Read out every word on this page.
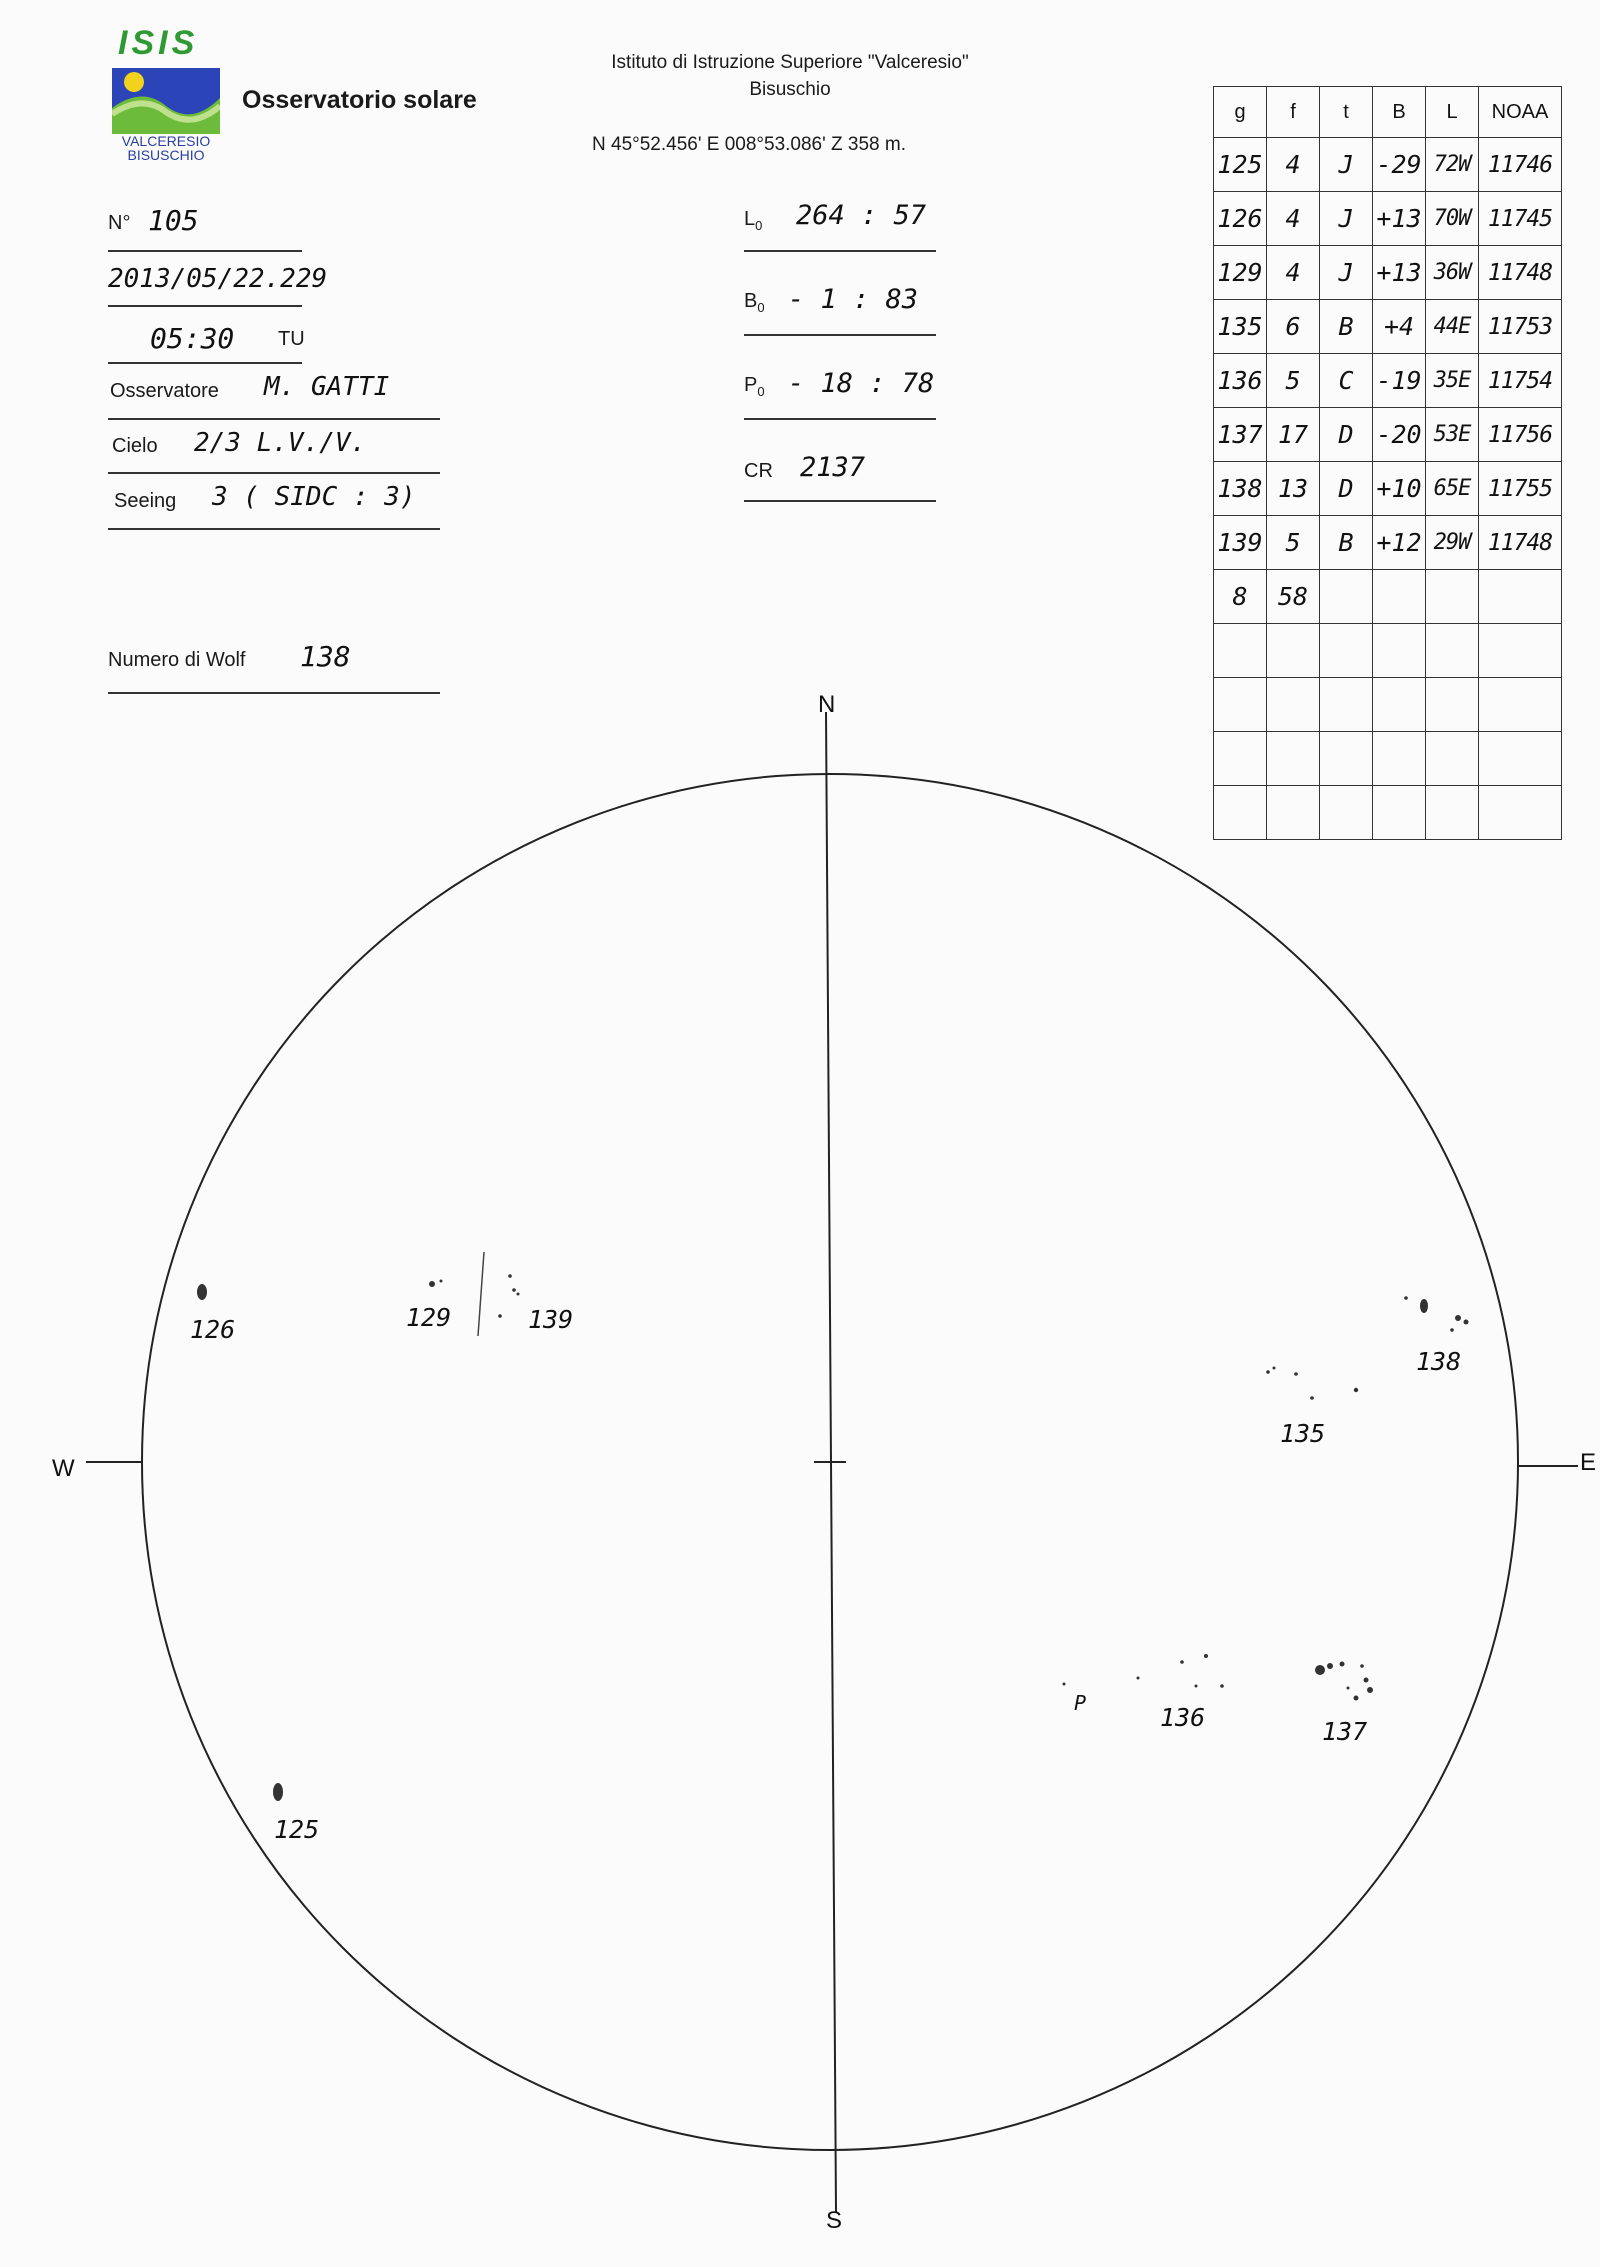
ISIS
VALCERESIO
BISUSCHIO
Osservatorio solare
Istituto di Istruzione Superiore "Valceresio"
Bisuschio
N 45°52.456' E 008°53.086' Z 358 m.
N° 105
2013/05/22.229
05:30 TU
Osservatore M. GATTI
Cielo 2/3 L.V./V.
Seeing 3 ( SIDC : 3)
Numero di Wolf 138
$L_0$ 264 : 57
$B_0 - 1$ : 83
$P_0 - 18$ : 78
CR 2137
g	f	t	B	L	NOAA
125	4	J	-29	72W	11746
126	4	J	+13	70W	11745
129	4	J	+13	36W	11748
135	6	B	+4	44E	11753
136	5	C	-19	35E	11754
137	17	D	-20	53E	11756
138	13	D	+10	65E	11755
139	5	B	+12	29W	11748
8	58				

N
S
E
W
126	129	139
138
135
136	137
125
P
